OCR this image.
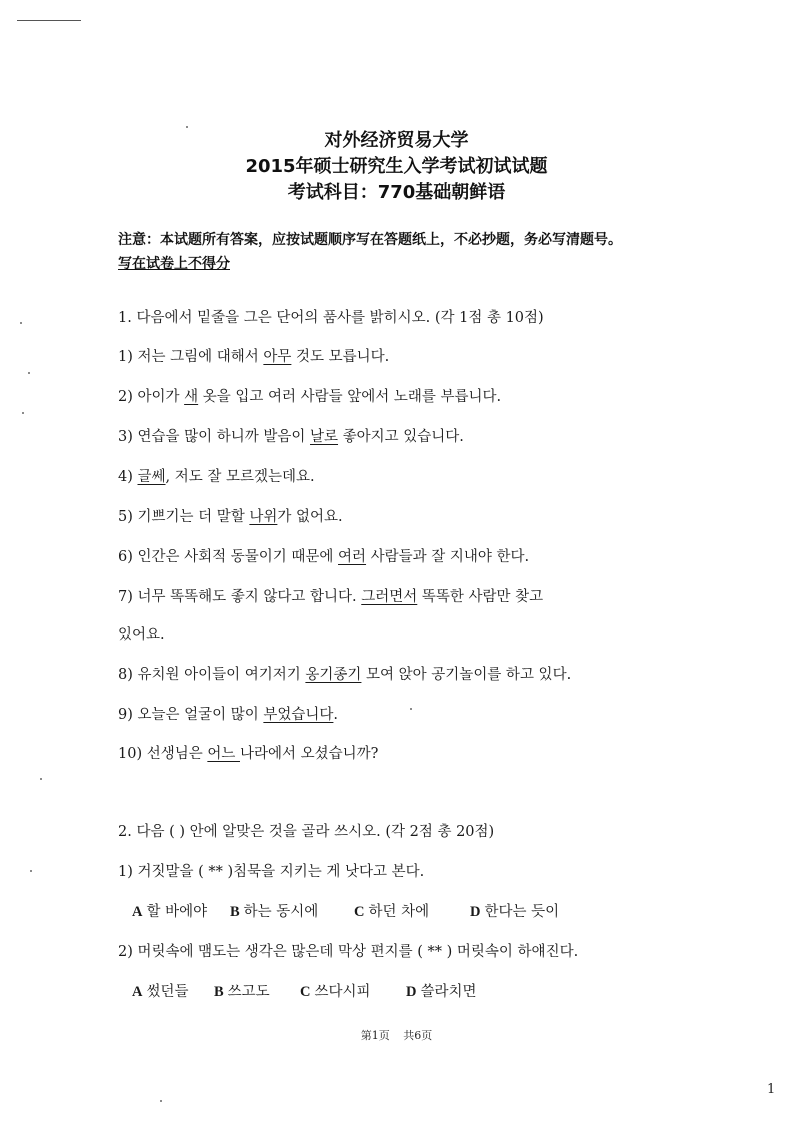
对外经济贸易大学
2015年硕士研究生入学考试初试试题
考试科目：770基础朝鲜语
注意：本试题所有答案，应按试题顺序写在答题纸上，不必抄题，务必写清题号。
写在试卷上不得分
1. 다음에서 밑줄을 그은 단어의 품사를 밝히시오. (각 1점 총 10점)
1) 저는 그림에 대해서 아무 것도 모릅니다.
2) 아이가 새 옷을 입고 여러 사람들 앞에서 노래를 부릅니다.
3) 연습을 많이 하니까 발음이 날로 좋아지고 있습니다.
4) 글쎄, 저도 잘 모르겠는데요.
5) 기쁘기는 더 말할 나위가 없어요.
6) 인간은 사회적 동물이기 때문에 여러 사람들과 잘 지내야 한다.
7) 너무 똑똑해도 좋지 않다고 합니다. 그러면서 똑똑한 사람만 찾고
있어요.
8) 유치원 아이들이 여기저기 옹기종기 모여 앉아 공기놀이를 하고 있다.
9) 오늘은 얼굴이 많이 부었습니다.
10) 선생님은 어느 나라에서 오셨습니까?
2. 다음 ( ) 안에 알맞은 것을 골라 쓰시오. (각 2점 총 20점)
1) 거짓말을 ( ** )침묵을 지키는 게 낫다고 본다.
A 할 바에야 B 하는 동시에 C 하던 차에	D 한다는 듯이
2) 머릿속에 맴도는 생각은 많은데 막상 편지를 ( ** ) 머릿속이 하얘진다.
A 썼던들 B 쓰고도 C 쓰다시피 D 쓸라치면
第1页 共6页
1
